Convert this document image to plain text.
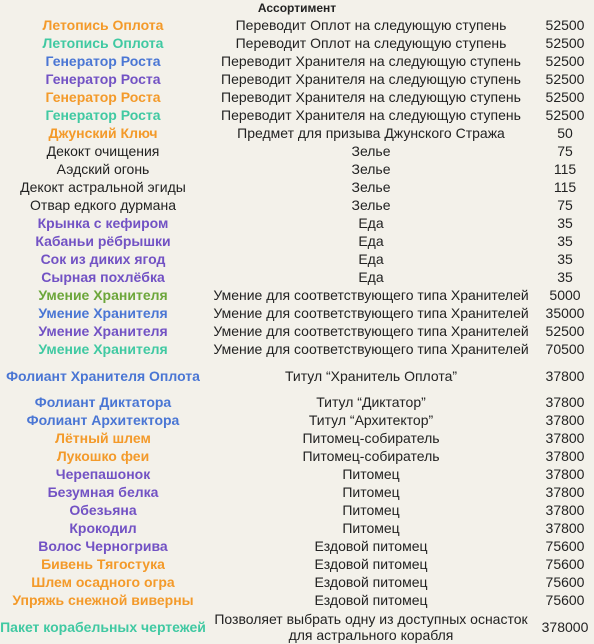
Ассортимент
Летопись Оплота	Переводит Оплот на следующую ступень	52500
Летопись Оплота	Переводит Оплот на следующую ступень	52500
Генератор Роста	Переводит Хранителя на следующую ступень	52500
Генератор Роста	Переводит Хранителя на следующую ступень	52500
Генератор Роста	Переводит Хранителя на следующую ступень	52500
Генератор Роста	Переводит Хранителя на следующую ступень	52500
Джунский Ключ	Предмет для призыва Джунского Стража	50
Декокт очищения	Зелье	75
Аэдский огонь	Зелье	115
Декокт астральной эгиды	Зелье	115
Отвар едкого дурмана	Зелье	75
Крынка с кефиром	Еда	35
Кабаньи рёбрышки	Еда	35
Сок из диких ягод	Еда	35
Сырная похлёбка	Еда	35
Умение Хранителя	Умение для соответствующего типа Хранителей	5000
Умение Хранителя	Умение для соответствующего типа Хранителей	35000
Умение Хранителя	Умение для соответствующего типа Хранителей	52500
Умение Хранителя	Умение для соответствующего типа Хранителей	70500
Фолиант Хранителя Оплота	Титул “Хранитель Оплота”	37800
Фолиант Диктатора	Титул “Диктатор”	37800
Фолиант Архитектора	Титул “Архитектор”	37800
Лётный шлем	Питомец-собиратель	37800
Лукошко феи	Питомец-собиратель	37800
Черепашонок	Питомец	37800
Безумная белка	Питомец	37800
Обезьяна	Питомец	37800
Крокодил	Питомец	37800
Волос Черногрива	Ездовой питомец	75600
Бивень Тягостука	Ездовой питомец	75600
Шлем осадного огра	Ездовой питомец	75600
Упряжь снежной виверны	Ездовой питомец	75600
Пакет корабельных чертежей	Позволяет выбрать одну из доступных оснасток для астрального корабля	378000
